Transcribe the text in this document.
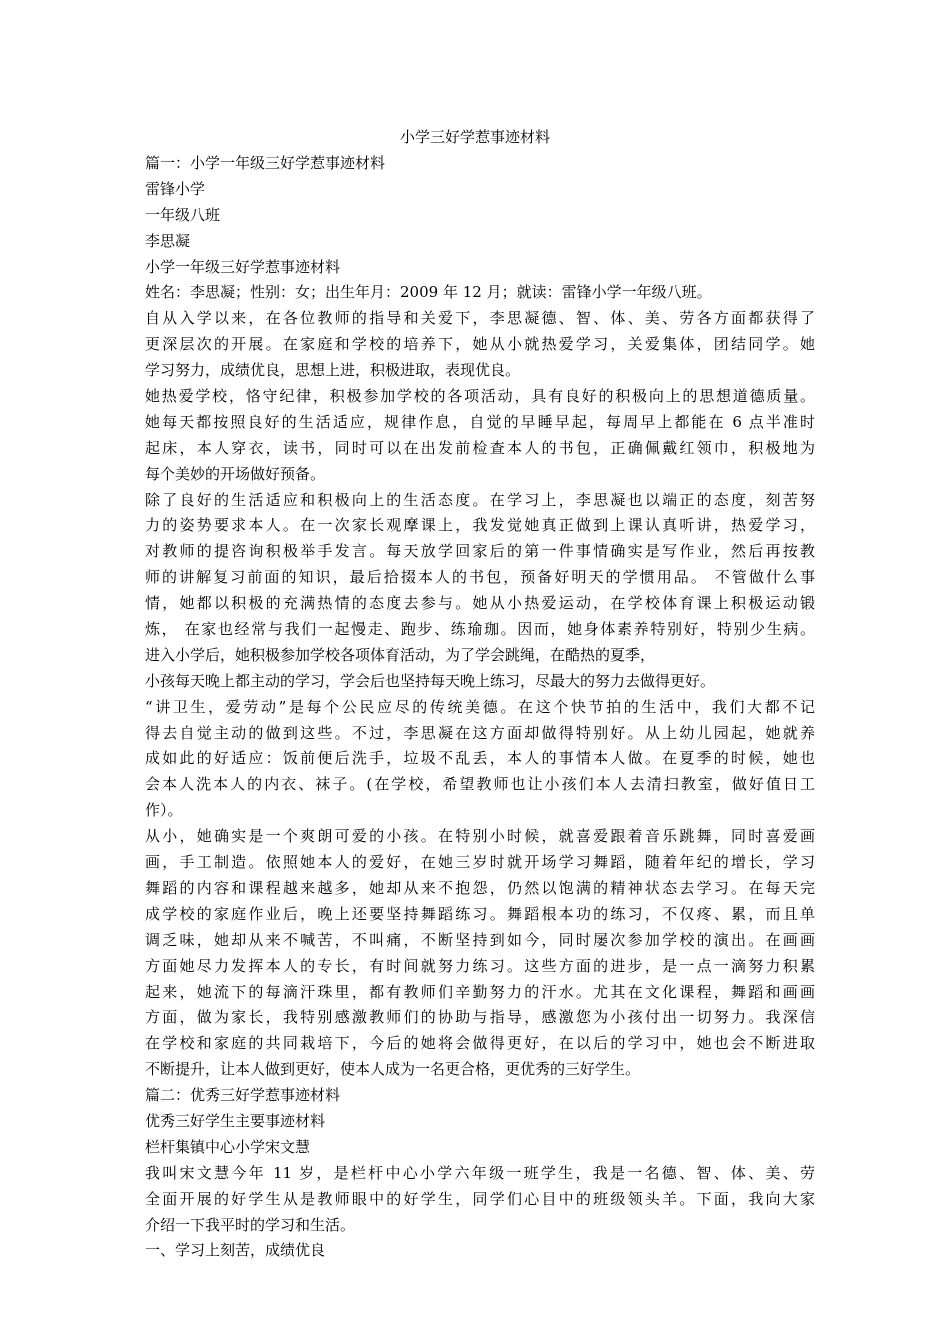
小学三好学惹事迹材料
篇一：小学一年级三好学惹事迹材料
雷锋小学
一年级八班
李思凝
小学一年级三好学惹事迹材料
姓名：李思凝；性别：女；出生年月：2009 年 12 月；就读：雷锋小学一年级八班。
自从入学以来，在各位教师的指导和关爱下，李思凝德、智、体、美、劳各方面都获得了
更深层次的开展。在家庭和学校的培养下，她从小就热爱学习，关爱集体，团结同学。她
学习努力，成绩优良，思想上进，积极进取，表现优良。
她热爱学校，恪守纪律，积极参加学校的各项活动，具有良好的积极向上的思想道德质量。
她每天都按照良好的生活适应，规律作息，自觉的早睡早起，每周早上都能在 6 点半准时
起床，本人穿衣，读书，同时可以在出发前检查本人的书包，正确佩戴红领巾，积极地为
每个美妙的开场做好预备。
除了良好的生活适应和积极向上的生活态度。在学习上，李思凝也以端正的态度，刻苦努
力的姿势要求本人。在一次家长观摩课上，我发觉她真正做到上课认真听讲，热爱学习，
对教师的提咨询积极举手发言。每天放学回家后的第一件事情确实是写作业，然后再按教
师的讲解复习前面的知识，最后拾掇本人的书包，预备好明天的学惯用品。 不管做什么事
情，她都以积极的充满热情的态度去参与。她从小热爱运动，在学校体育课上积极运动锻
炼， 在家也经常与我们一起慢走、跑步、练瑜珈。因而，她身体素养特别好，特别少生病。
进入小学后，她积极参加学校各项体育活动，为了学会跳绳，在酷热的夏季，
小孩每天晚上都主动的学习，学会后也坚持每天晚上练习，尽最大的努力去做得更好。
“讲卫生，爱劳动”是每个公民应尽的传统美德。在这个快节拍的生活中，我们大都不记
得去自觉主动的做到这些。不过，李思凝在这方面却做得特别好。从上幼儿园起，她就养
成如此的好适应：饭前便后洗手，垃圾不乱丢，本人的事情本人做。在夏季的时候，她也
会本人洗本人的内衣、袜子。(在学校，希望教师也让小孩们本人去清扫教室，做好值日工
作）。
从小，她确实是一个爽朗可爱的小孩。在特别小时候，就喜爱跟着音乐跳舞，同时喜爱画
画，手工制造。依照她本人的爱好，在她三岁时就开场学习舞蹈，随着年纪的增长，学习
舞蹈的内容和课程越来越多，她却从来不抱怨，仍然以饱满的精神状态去学习。在每天完
成学校的家庭作业后，晚上还要坚持舞蹈练习。舞蹈根本功的练习，不仅疼、累，而且单
调乏味，她却从来不喊苦，不叫痛，不断坚持到如今，同时屡次参加学校的演出。在画画
方面她尽力发挥本人的专长，有时间就努力练习。这些方面的进步，是一点一滴努力积累
起来，她流下的每滴汗珠里，都有教师们辛勤努力的汗水。尤其在文化课程，舞蹈和画画
方面，做为家长，我特别感激教师们的协助与指导，感激您为小孩付出一切努力。我深信
在学校和家庭的共同栽培下，今后的她将会做得更好，在以后的学习中，她也会不断进取
不断提升，让本人做到更好，使本人成为一名更合格，更优秀的三好学生。
篇二：优秀三好学惹事迹材料
优秀三好学生主要事迹材料
栏杆集镇中心小学宋文慧
我叫宋文慧今年 11 岁，是栏杆中心小学六年级一班学生，我是一名德、智、体、美、劳
全面开展的好学生从是教师眼中的好学生，同学们心目中的班级领头羊。下面，我向大家
介绍一下我平时的学习和生活。
一、学习上刻苦，成绩优良
